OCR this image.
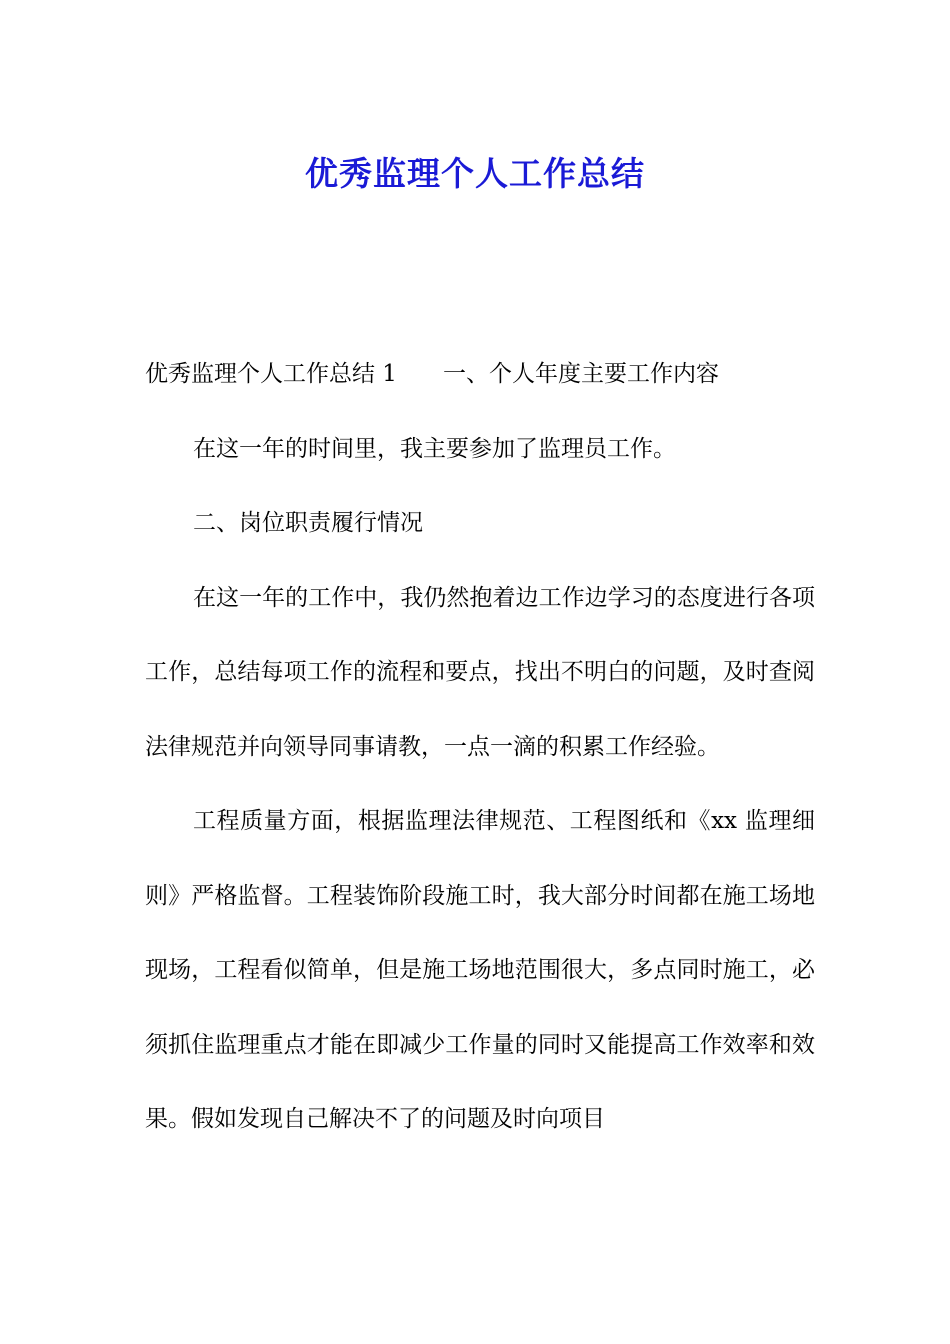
优秀监理个人工作总结

优秀监理个人工作总结 1 一、个人年度主要工作内容

在这一年的时间里，我主要参加了监理员工作。

二、岗位职责履行情况

在这一年的工作中，我仍然抱着边工作边学习的态度进行各项工作，总结每项工作的流程和要点，找出不明白的问题，及时查阅法律规范并向领导同事请教，一点一滴的积累工作经验。

工程质量方面，根据监理法律规范、工程图纸和《xx 监理细则》严格监督。工程装饰阶段施工时，我大部分时间都在施工场地现场，工程看似简单，但是施工场地范围很大，多点同时施工，必须抓住监理重点才能在即减少工作量的同时又能提高工作效率和效果。假如发现自己解决不了的问题及时向项目
